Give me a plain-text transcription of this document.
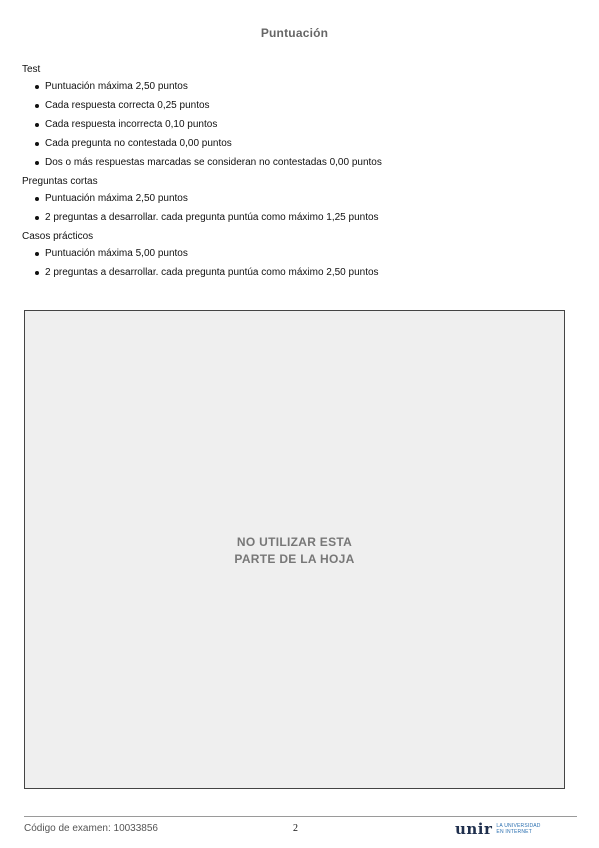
Puntuación
Test
Puntuación máxima 2,50 puntos
Cada respuesta correcta 0,25 puntos
Cada respuesta incorrecta 0,10 puntos
Cada pregunta no contestada 0,00 puntos
Dos o más respuestas marcadas se consideran no contestadas 0,00 puntos
Preguntas cortas
Puntuación máxima 2,50 puntos
2 preguntas a desarrollar. cada pregunta puntúa como máximo 1,25 puntos
Casos prácticos
Puntuación máxima 5,00 puntos
2 preguntas a desarrollar. cada pregunta puntúa como máximo 2,50 puntos
NO UTILIZAR ESTA
PARTE DE LA HOJA
Código de examen: 10033856	2	unir LA UNIVERSIDAD
EN INTERNET
